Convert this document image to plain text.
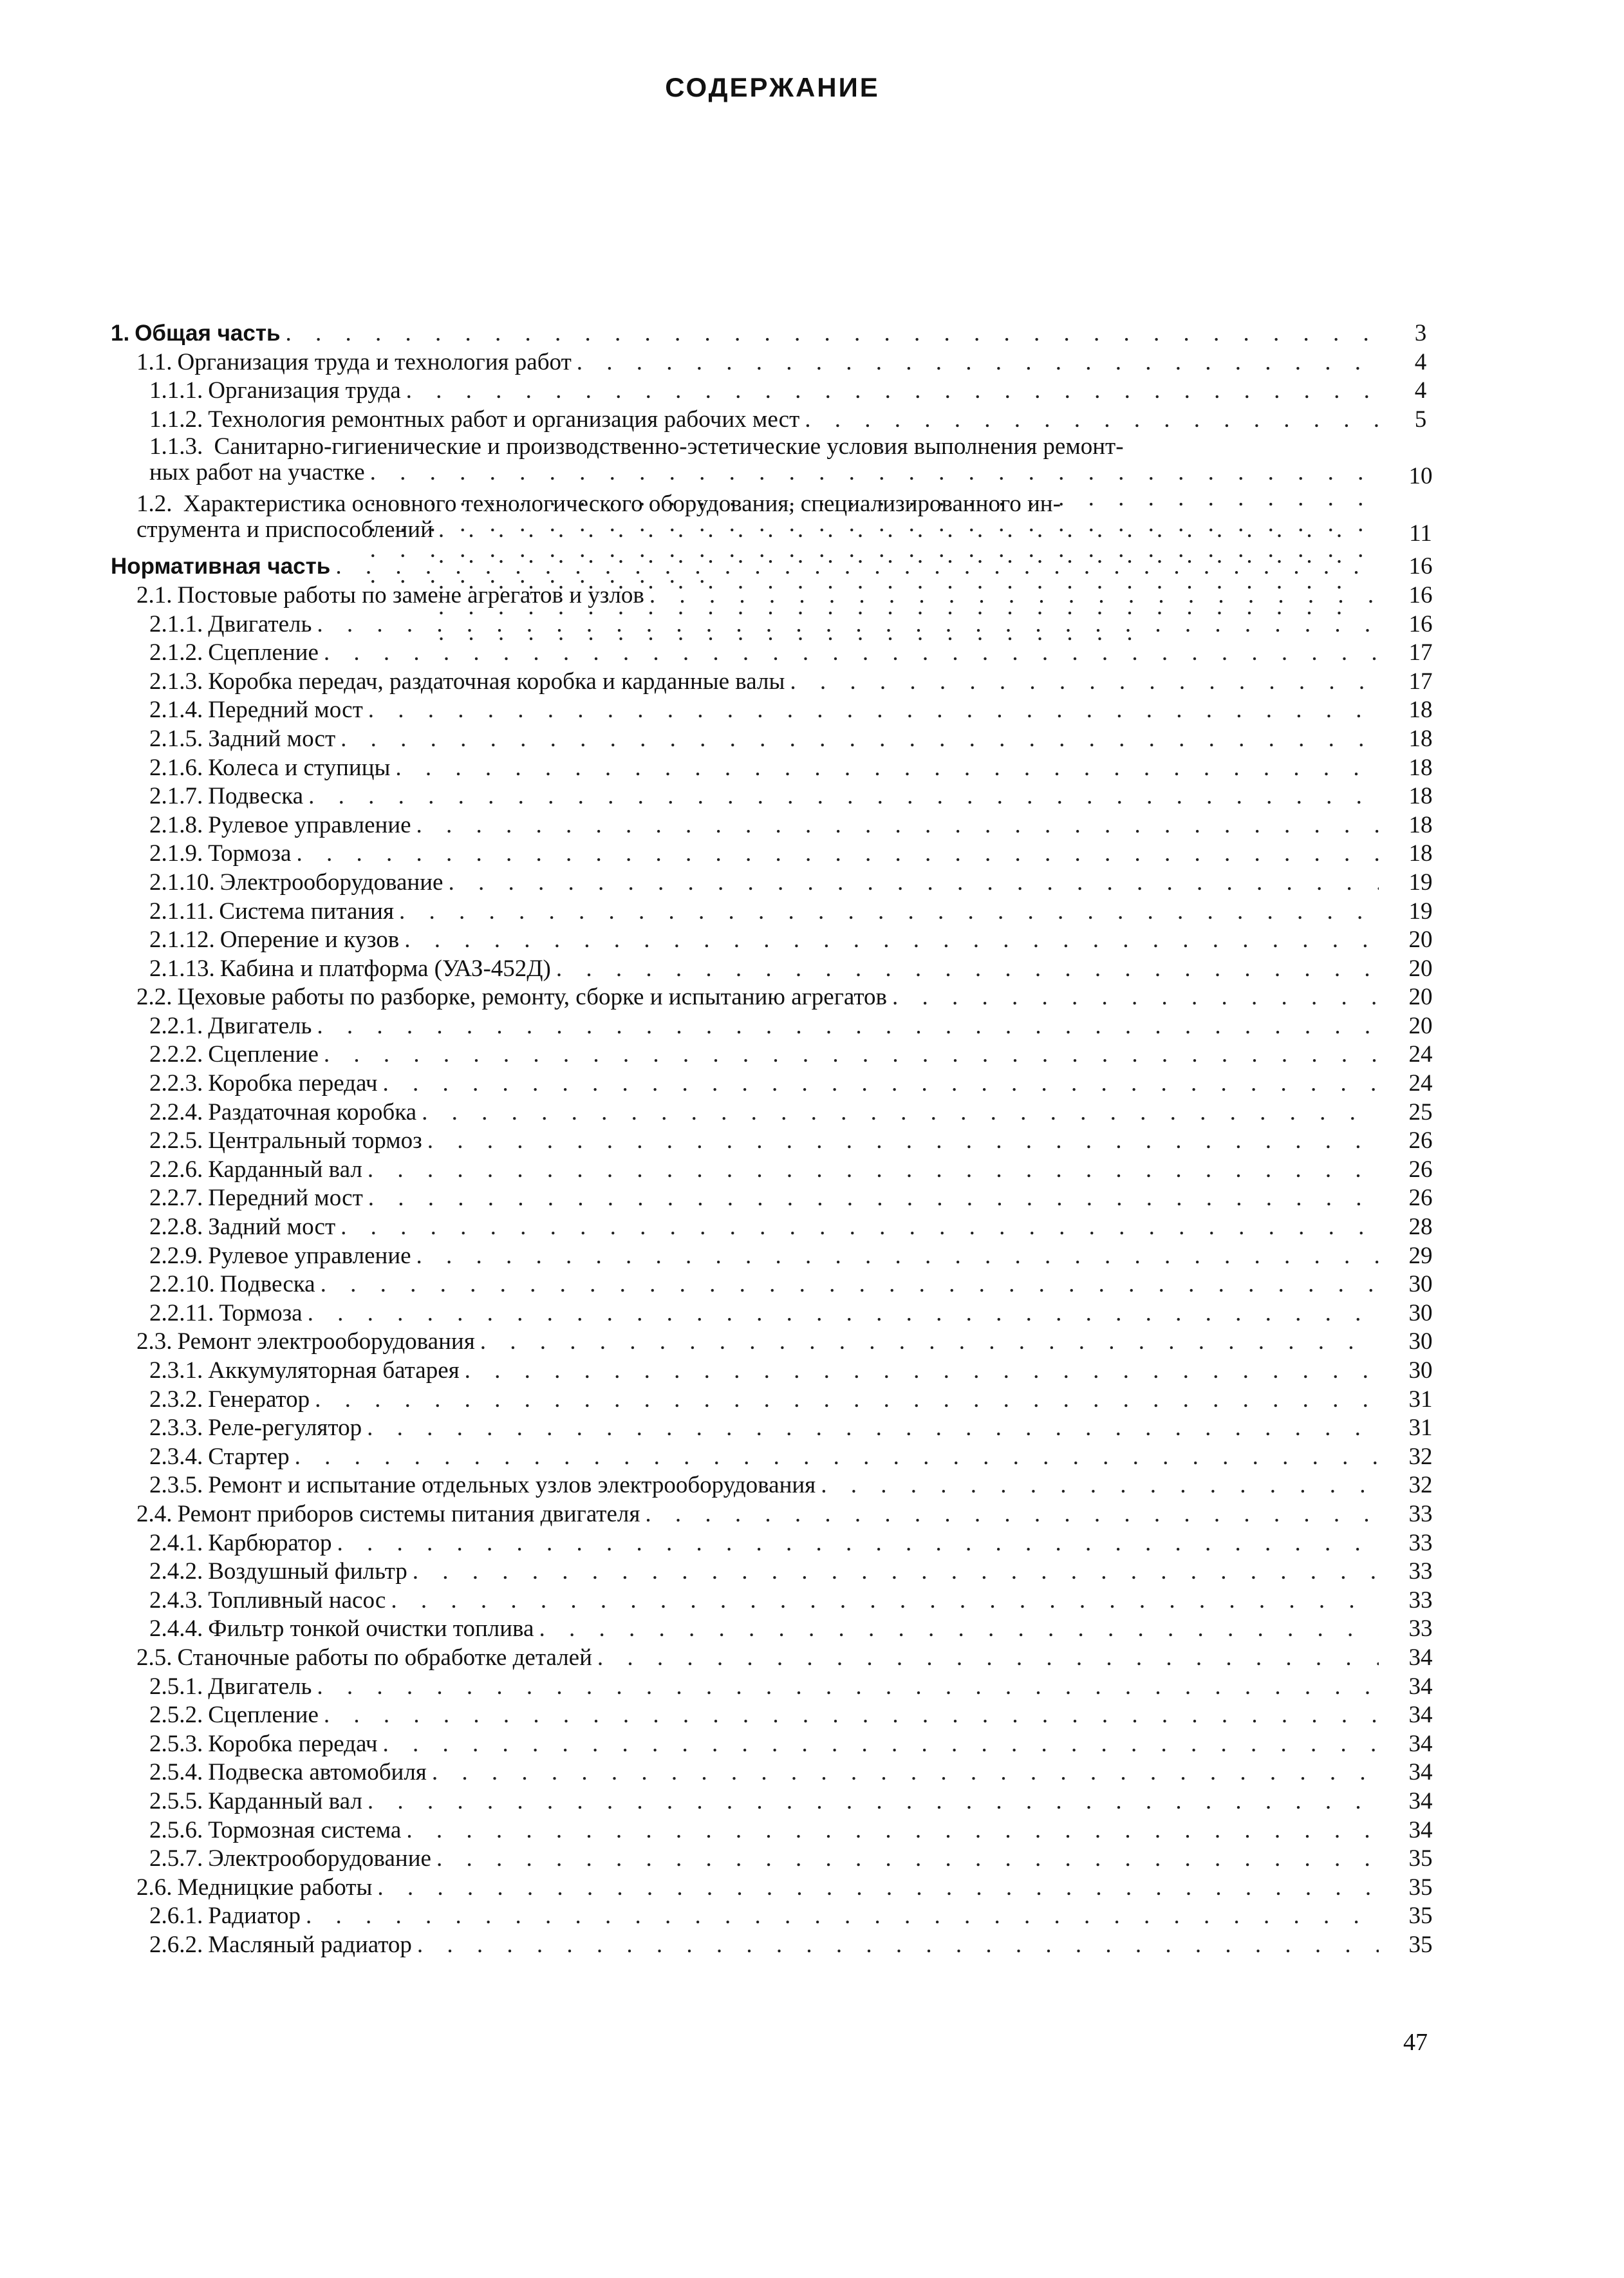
СОДЕРЖАНИЕ
1. Общая часть . . .	3
1.1. Организация труда и технология работ . . .	4
1.1.1. Организация труда . . .	4
1.1.2. Технология ремонтных работ и организация рабочих мест . . .	5
1.1.3. Санитарно-гигиенические и производственно-эстетические условия выполнения ремонт-
ных работ на участке . . .	10
1.2. Характеристика основного технологического оборудования, специализированного ин-
струмента и приспособлений . . .	11
Нормативная часть . . .	16
2.1. Постовые работы по замене агрегатов и узлов . . .	16
2.1.1. Двигатель . . .	16
2.1.2. Сцепление . . .	17
2.1.3. Коробка передач, раздаточная коробка и карданные валы . . .	17
2.1.4. Передний мост . . .	18
2.1.5. Задний мост . . .	18
2.1.6. Колеса и ступицы . . .	18
2.1.7. Подвеска . . .	18
2.1.8. Рулевое управление . . .	18
2.1.9. Тормоза . . .	18
2.1.10. Электрооборудование . . .	19
2.1.11. Система питания . . .	19
2.1.12. Оперение и кузов . . .	20
2.1.13. Кабина и платформа (УАЗ-452Д) . . .	20
2.2. Цеховые работы по разборке, ремонту, сборке и испытанию агрегатов . . .	20
2.2.1. Двигатель . . .	20
2.2.2. Сцепление . . .	24
2.2.3. Коробка передач . . .	24
2.2.4. Раздаточная коробка . . .	25
2.2.5. Центральный тормоз . . .	26
2.2.6. Карданный вал . . .	26
2.2.7. Передний мост . . .	26
2.2.8. Задний мост . . .	28
2.2.9. Рулевое управление . . .	29
2.2.10. Подвеска . . .	30
2.2.11. Тормоза . . .	30
2.3. Ремонт электрооборудования . . .	30
2.3.1. Аккумуляторная батарея . . .	30
2.3.2. Генератор . . .	31
2.3.3. Реле-регулятор . . .	31
2.3.4. Стартер . . .	32
2.3.5. Ремонт и испытание отдельных узлов электрооборудования . . .	32
2.4. Ремонт приборов системы питания двигателя . . .	33
2.4.1. Карбюратор . . .	33
2.4.2. Воздушный фильтр . . .	33
2.4.3. Топливный насос . . .	33
2.4.4. Фильтр тонкой очистки топлива . . .	33
2.5. Станочные работы по обработке деталей . . .	34
2.5.1. Двигатель . . .	34
2.5.2. Сцепление . . .	34
2.5.3. Коробка передач . . .	34
2.5.4. Подвеска автомобиля . . .	34
2.5.5. Карданный вал . . .	34
2.5.6. Тормозная система . . .	34
2.5.7. Электрооборудование . . .	35
2.6. Медницкие работы . . .	35
2.6.1. Радиатор . . .	35
2.6.2. Масляный радиатор . . .	35
47
